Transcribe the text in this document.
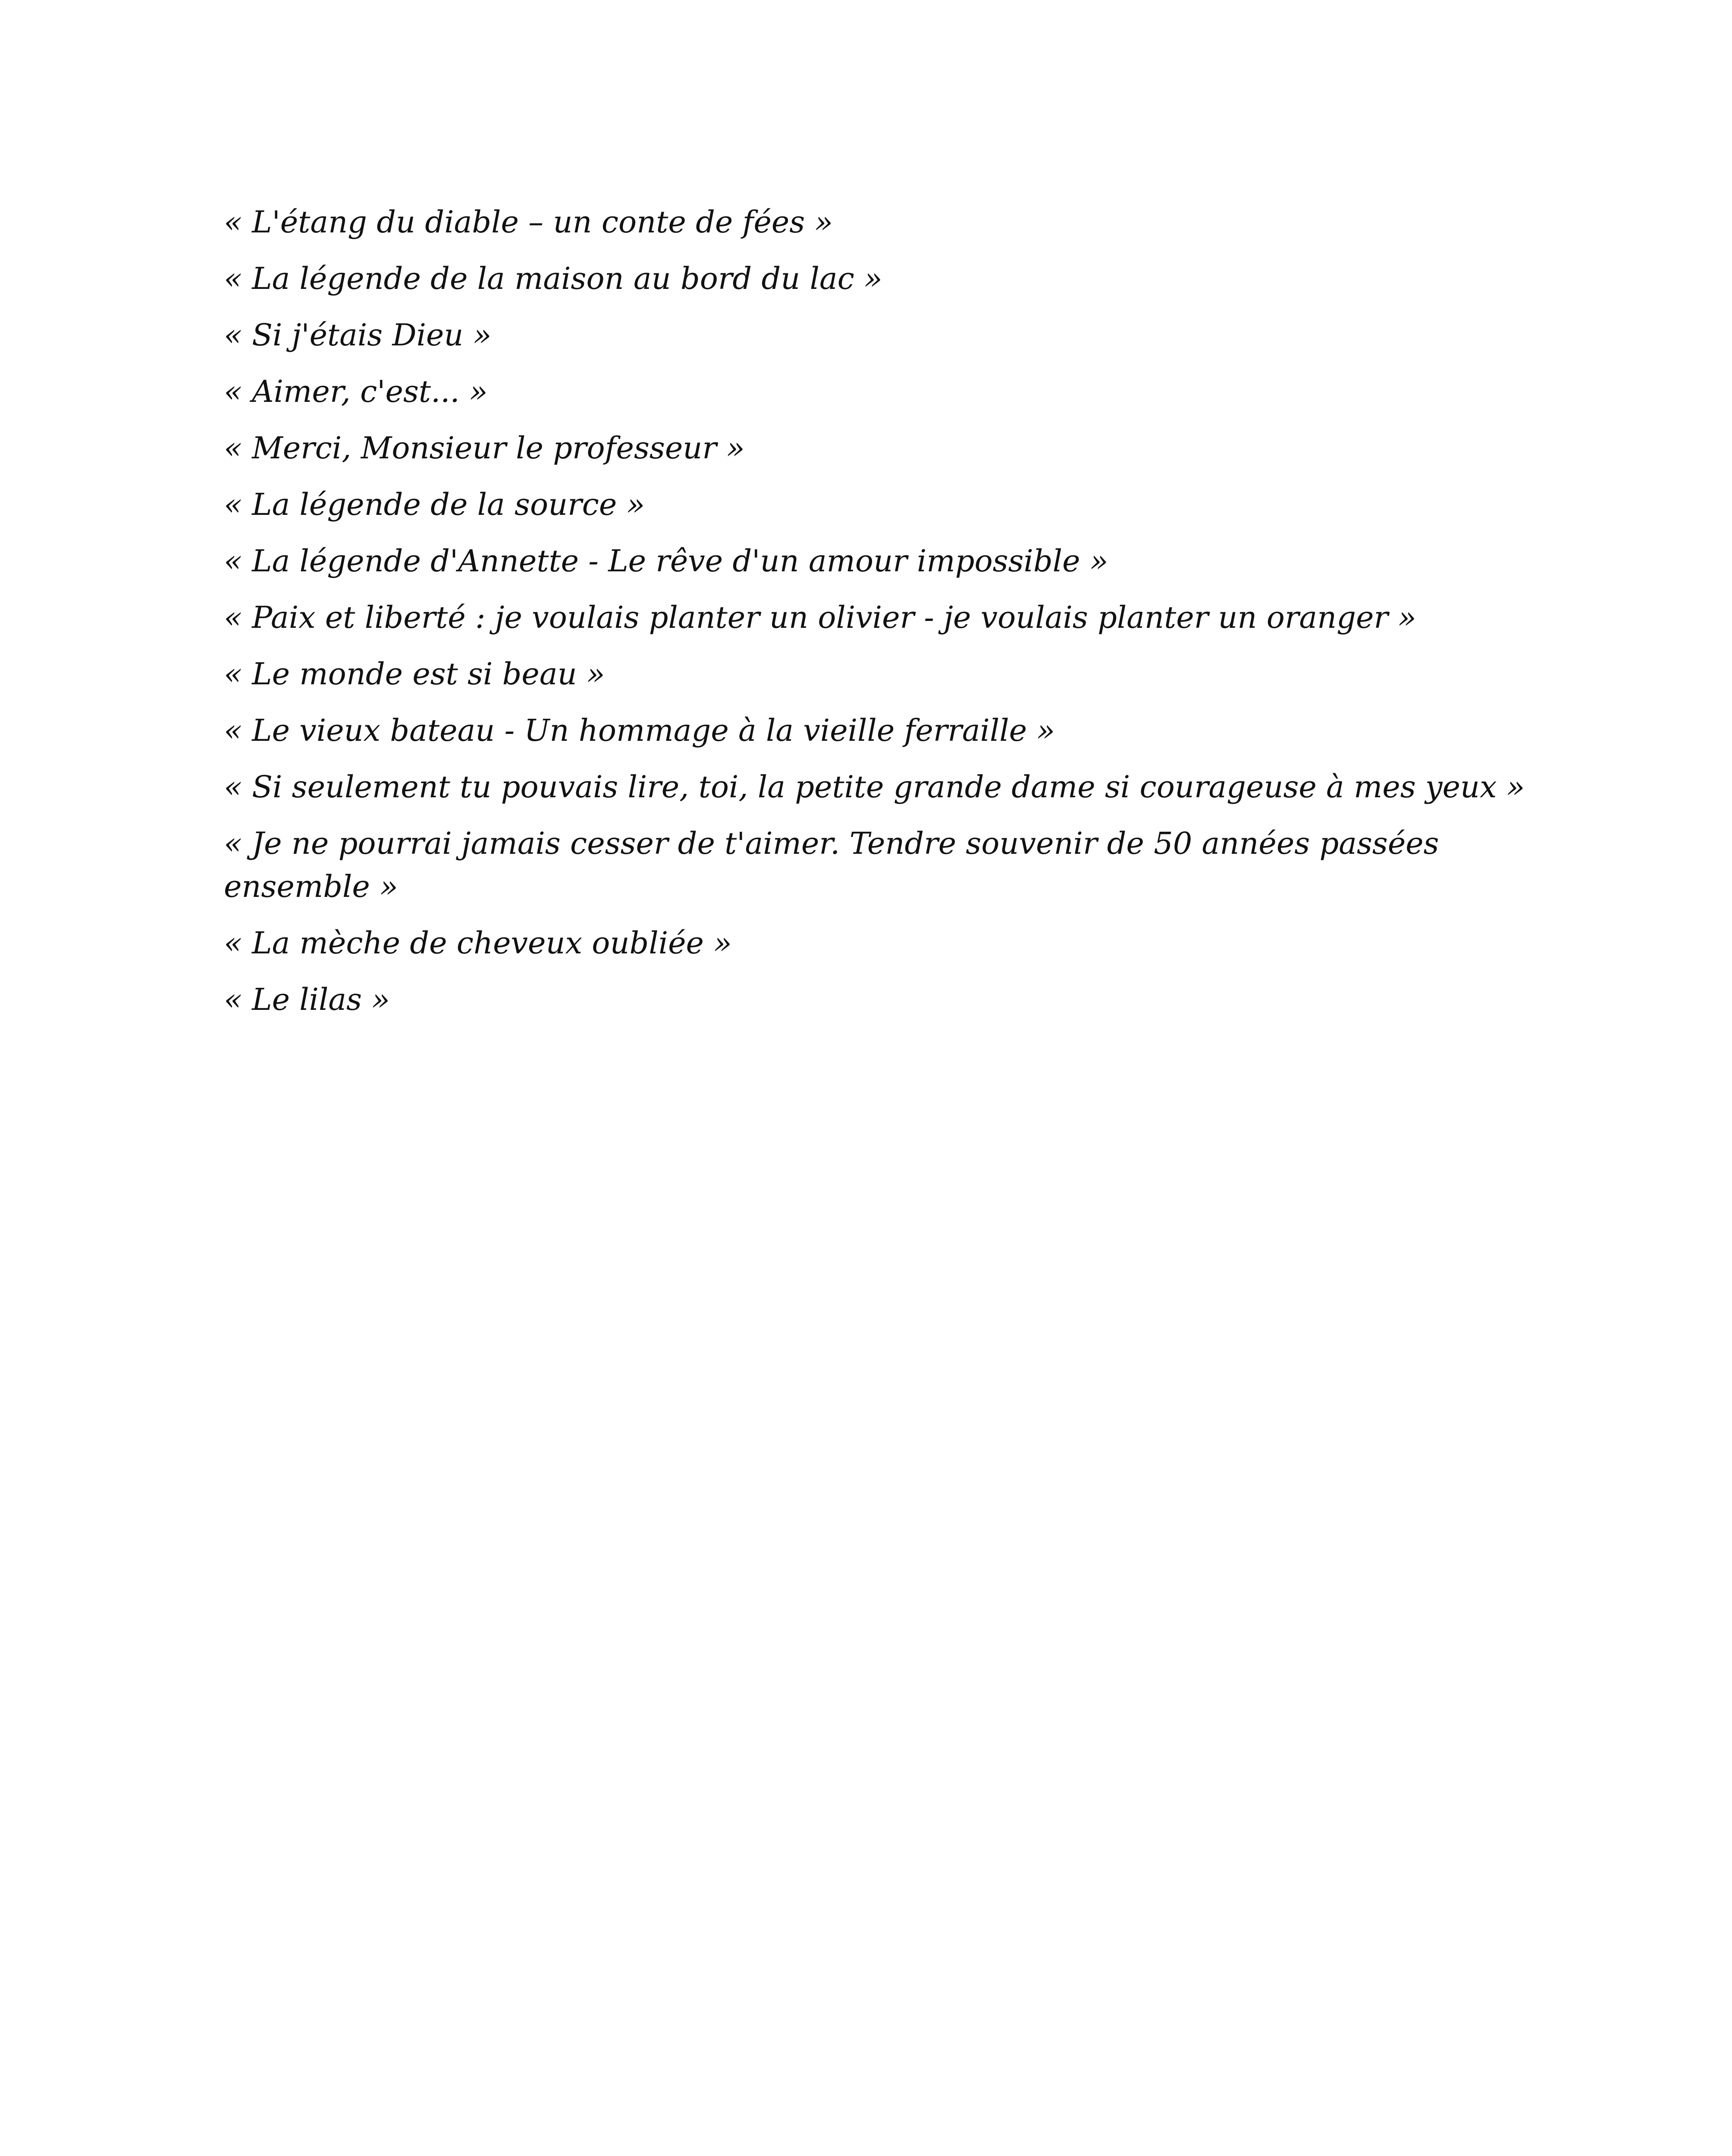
« L'étang du diable – un conte de fées »
« La légende de la maison au bord du lac »
« Si j'étais Dieu »
« Aimer, c'est... »
« Merci, Monsieur le professeur »
« La légende de la source »
« La légende d'Annette - Le rêve d'un amour impossible »
« Paix et liberté : je voulais planter un olivier - je voulais planter un oranger »
« Le monde est si beau »
« Le vieux bateau - Un hommage à la vieille ferraille »
« Si seulement tu pouvais lire, toi, la petite grande dame si courageuse à mes yeux »
« Je ne pourrai jamais cesser de t'aimer. Tendre souvenir de 50 années passées ensemble »
« La mèche de cheveux oubliée »
« Le lilas »
